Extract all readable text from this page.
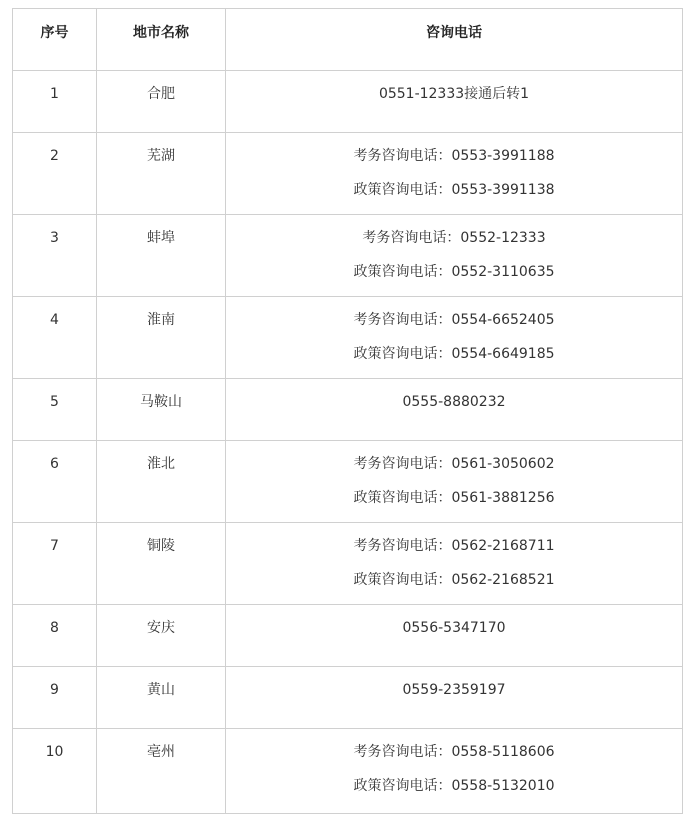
序号	地市名称	咨询电话

1	合肥	0551-12333接通后转1

2	芜湖	考务咨询电话：0553-3991188
政策咨询电话：0553-3991138

3	蚌埠	考务咨询电话：0552-12333
政策咨询电话：0552-3110635

4	淮南	考务咨询电话：0554-6652405
政策咨询电话：0554-6649185

5	马鞍山	0555-8880232

6	淮北	考务咨询电话：0561-3050602
政策咨询电话：0561-3881256

7	铜陵	考务咨询电话：0562-2168711
政策咨询电话：0562-2168521

8	安庆	0556-5347170

9	黄山	0559-2359197

10	亳州	考务咨询电话：0558-5118606
政策咨询电话：0558-5132010
